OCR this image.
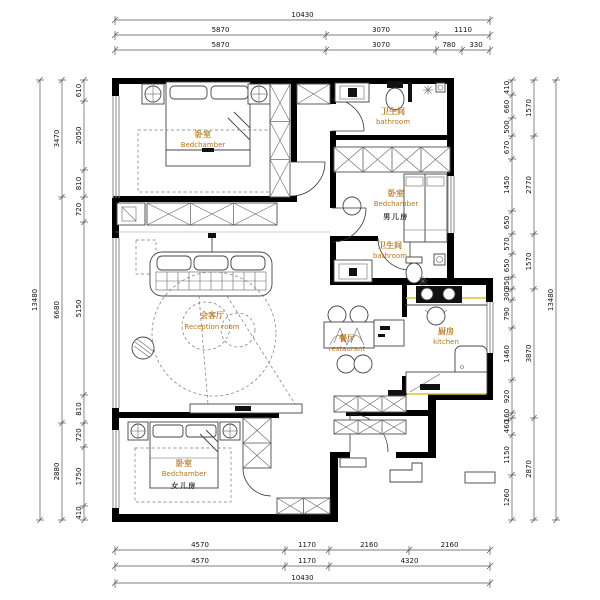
卧室
Bedchamber
卫生间
bathroom
卧室
Bedchamber
男儿房
卫生间
bathroom
会客厅
Reception room
餐厅
restaurant
厨房
kitchen
卧室
Bedchamber
女儿房
10430
5870	3070	1110
5870	3070	780 330
4570	1170	2160	2160
4570	1170	4320
10430
13480
3470
6680
2880
610
2050
810
720
5150
810
720
1750
410
410
660
500
670
1450
650
570
650
350
300
790
1460
920
160
460
1150
1260
1570
2770
1570
3870
2870
13480
